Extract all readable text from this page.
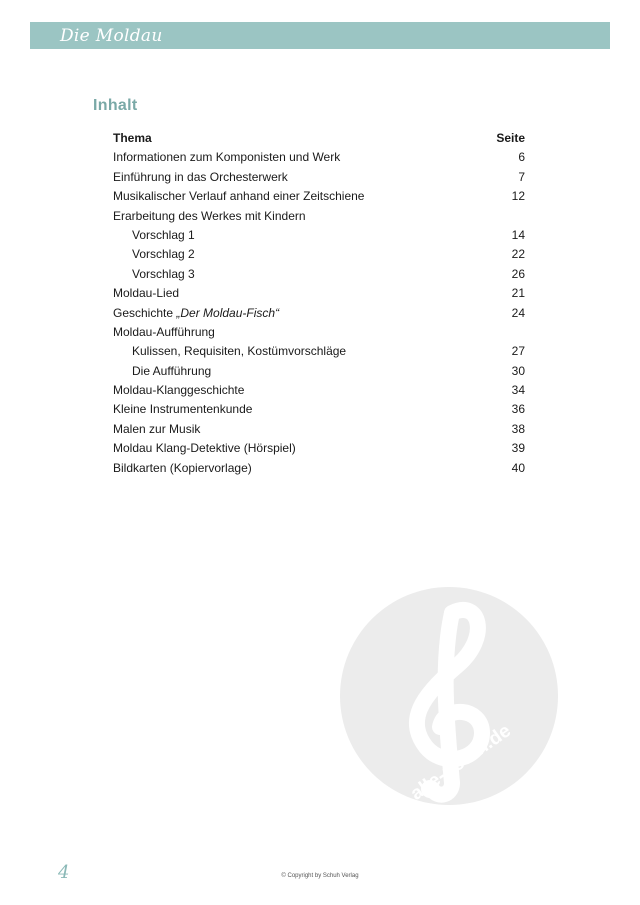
Die Moldau
Inhalt
Thema	Seite
Informationen zum Komponisten und Werk	6
Einführung in das Orchesterwerk	7
Musikalischer Verlauf anhand einer Zeitschiene	12
Erarbeitung des Werkes mit Kindern
Vorschlag 1	14
Vorschlag 2	22
Vorschlag 3	26
Moldau-Lied	21
Geschichte „Der Moldau-Fisch“	24
Moldau-Aufführung
Kulissen, Requisiten, Kostümvorschläge	27
Die Aufführung	30
Moldau-Klanggeschichte	34
Kleine Instrumentenkunde	36
Malen zur Musik	38
Moldau Klang-Detektive (Hörspiel)	39
Bildkarten (Kopiervorlage)	40
alle-noten.de
4	© Copyright by Schuh Verlag
